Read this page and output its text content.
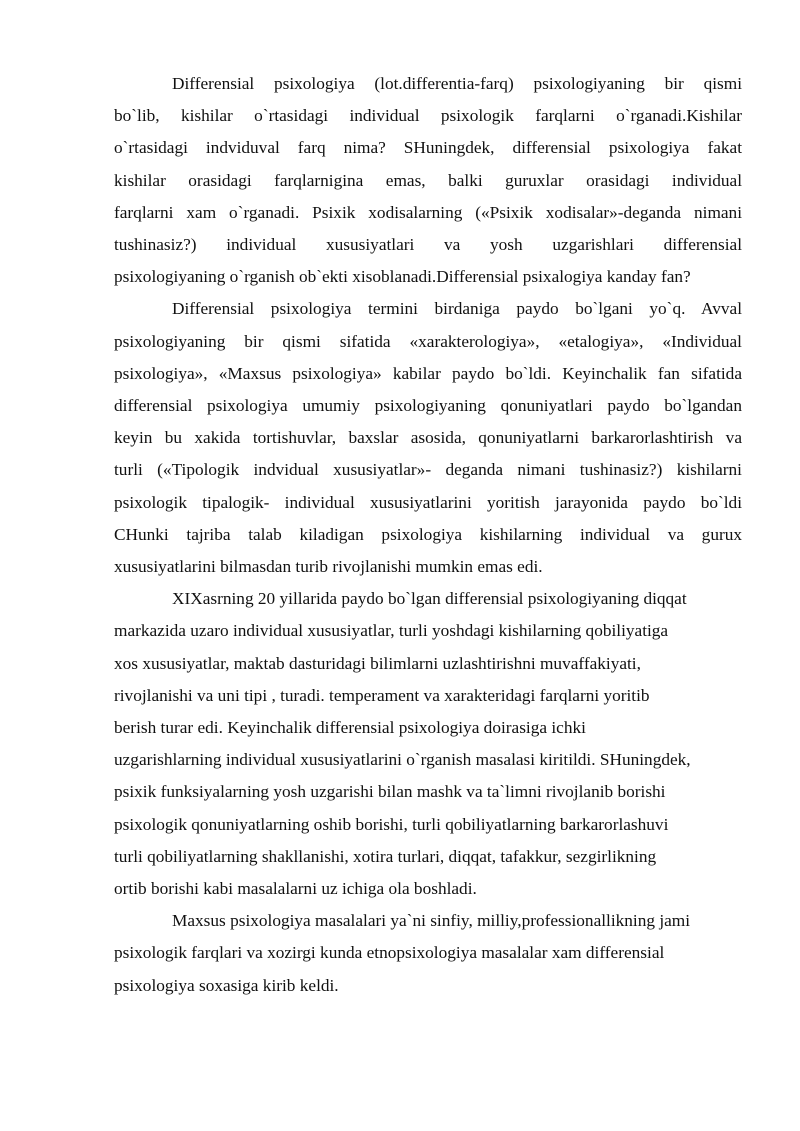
Differensial psixologiya (lot.differentia-farq) psixologiyaning bir qismi
bo`lib, kishilar o`rtasidagi individual psixologik farqlarni o`rganadi.Kishilar
o`rtasidagi indviduval farq nima? SHuningdek, differensial psixologiya fakat
kishilar orasidagi farqlarnigina emas, balki guruxlar orasidagi individual
farqlarni xam o`rganadi. Psixik xodisalarning («Psixik xodisalar»-deganda nimani
tushinasiz?) individual xususiyatlari va yosh uzgarishlari differensial
psixologiyaning o`rganish ob`ekti xisoblanadi.Differensial psixalogiya kanday fan?
Differensial psixologiya termini birdaniga paydo bo`lgani yo`q. Avval
psixologiyaning bir qismi sifatida «xarakterologiya», «etalogiya», «Individual
psixologiya», «Maxsus psixologiya» kabilar paydo bo`ldi. Keyinchalik fan sifatida
differensial psixologiya umumiy psixologiyaning qonuniyatlari paydo bo`lgandan
keyin bu xakida tortishuvlar, baxslar asosida, qonuniyatlarni barkarorlashtirish va
turli («Tipologik indvidual xususiyatlar»- deganda nimani tushinasiz?) kishilarni
psixologik tipalogik- individual xususiyatlarini yoritish jarayonida paydo bo`ldi
CHunki tajriba talab kiladigan psixologiya kishilarning individual va gurux
xususiyatlarini bilmasdan turib rivojlanishi mumkin emas edi.
XIXasrning 20 yillarida paydo bo`lgan differensial psixologiyaning diqqat
markazida uzaro individual xususiyatlar, turli yoshdagi kishilarning qobiliyatiga
xos xususiyatlar, maktab dasturidagi bilimlarni uzlashtirishni muvaffakiyati,
rivojlanishi va uni tipi , turadi. temperament va xarakteridagi farqlarni yoritib
berish turar edi. Keyinchalik differensial psixologiya doirasiga ichki
uzgarishlarning individual xususiyatlarini o`rganish masalasi kiritildi. SHuningdek,
psixik funksiyalarning yosh uzgarishi bilan mashk va ta`limni rivojlanib borishi
psixologik qonuniyatlarning oshib borishi, turli qobiliyatlarning barkarorlashuvi
turli qobiliyatlarning shakllanishi, xotira turlari, diqqat, tafakkur, sezgirlikning
ortib borishi kabi masalalarni uz ichiga ola boshladi.
Maxsus psixologiya masalalari ya`ni sinfiy, milliy,professionallikning jami
psixologik farqlari va xozirgi kunda etnopsixologiya masalalar xam differensial
psixologiya soxasiga kirib keldi.
